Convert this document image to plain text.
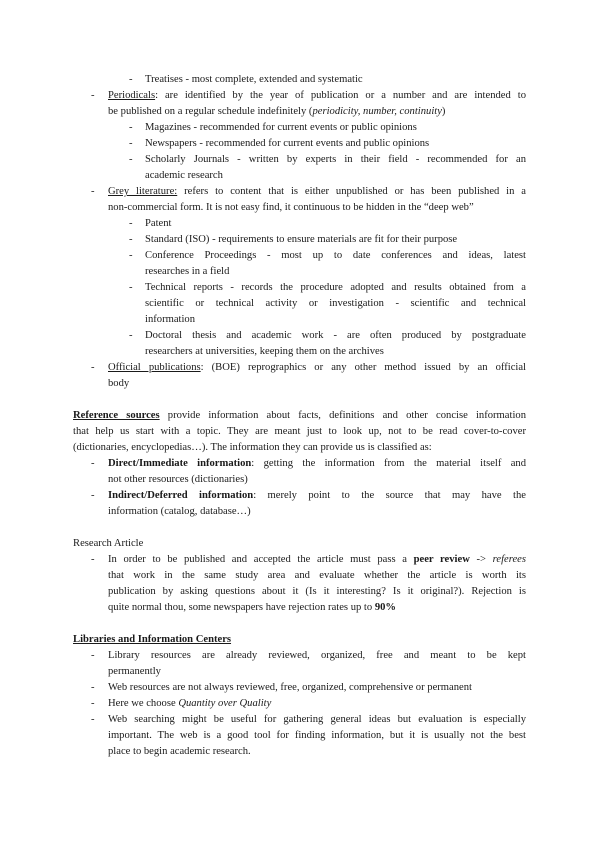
- Treatises - most complete, extended and systematic
- Periodicals: are identified by the year of publication or a number and are intended to
be published on a regular schedule indefinitely (periodicity, number, continuity)
- Magazines - recommended for current events or public opinions
- Newspapers - recommended for current events and public opinions
- Scholarly Journals - written by experts in their field - recommended for an
academic research
- Grey literature: refers to content that is either unpublished or has been published in a
non-commercial form. It is not easy find, it continuous to be hidden in the “deep web”
- Patent
- Standard (ISO) - requirements to ensure materials are fit for their purpose
- Conference Proceedings - most up to date conferences and ideas, latest
researches in a field
- Technical reports - records the procedure adopted and results obtained from a
scientific or technical activity or investigation - scientific and technical
information
- Doctoral thesis and academic work - are often produced by postgraduate
researchers at universities, keeping them on the archives
- Official publications: (BOE) reprographics or any other method issued by an official
body
Reference sources provide information about facts, definitions and other concise information
that help us start with a topic. They are meant just to look up, not to be read cover-to-cover
(dictionaries, encyclopedias…). The information they can provide us is classified as:
- Direct/Immediate information: getting the information from the material itself and
not other resources (dictionaries)
- Indirect/Deferred information: merely point to the source that may have the
information (catalog, database…)
Research Article
- In order to be published and accepted the article must pass a peer review -> referees
that work in the same study area and evaluate whether the article is worth its
publication by asking questions about it (Is it interesting? Is it original?). Rejection is
quite normal thou, some newspapers have rejection rates up to 90%
Libraries and Information Centers
- Library resources are already reviewed, organized, free and meant to be kept
permanently
- Web resources are not always reviewed, free, organized, comprehensive or permanent
- Here we choose Quantity over Quality
- Web searching might be useful for gathering general ideas but evaluation is especially
important. The web is a good tool for finding information, but it is usually not the best
place to begin academic research.
